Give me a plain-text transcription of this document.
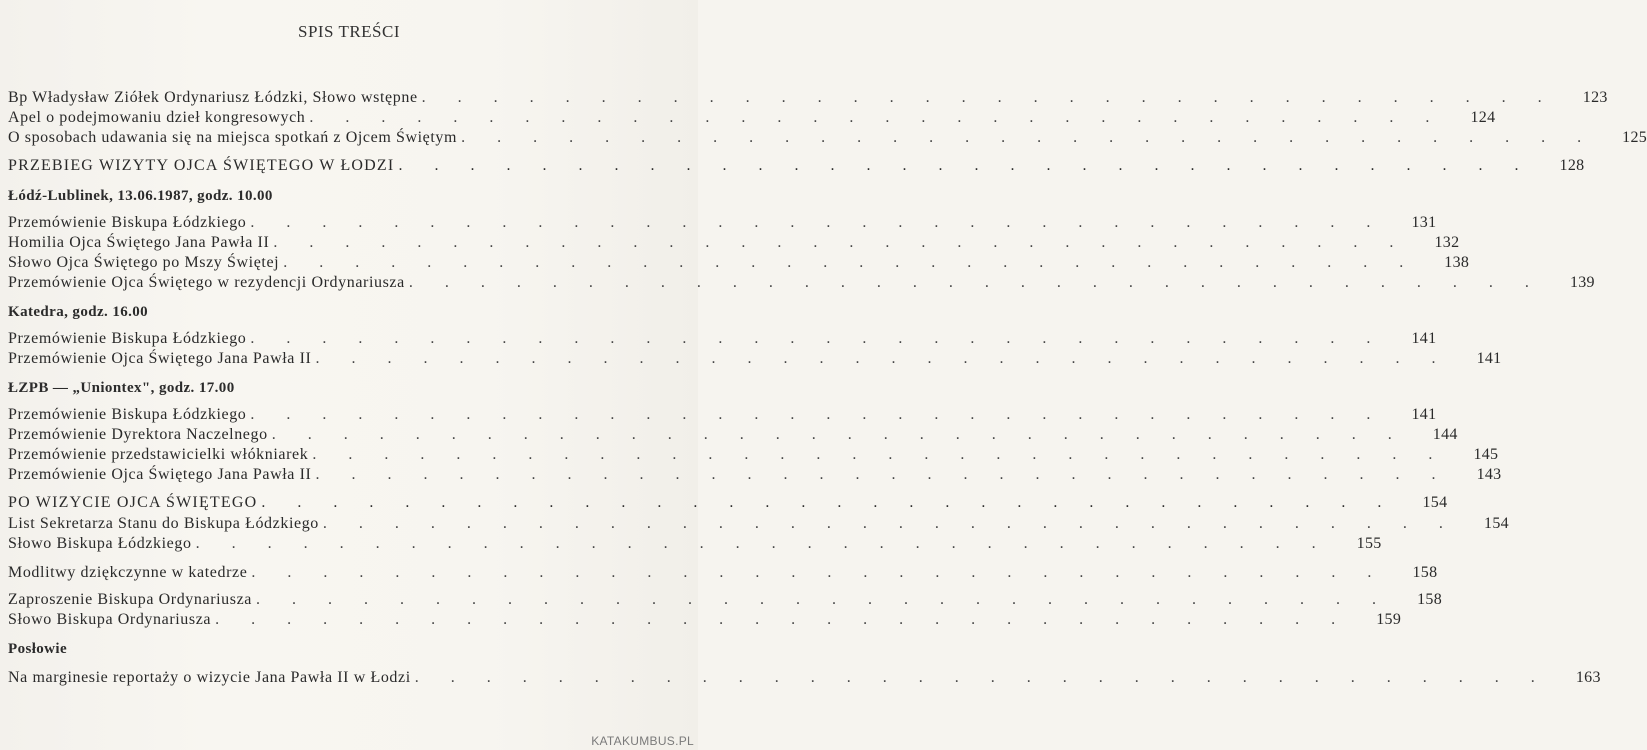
SPIS TREŚCI
Bp Władysław Ziółek Ordynariusz Łódzki, Słowo wstępne . . . . . . . . . . . . . . . . . . . . . . . . . . . . . . . .	123
Apel o podejmowaniu dzieł kongresowych . . . . . . . . . . . . . . . . . . . . . . . . . . . . . . . .	124
O sposobach udawania się na miejsca spotkań z Ojcem Świętym . . . . . . . . . . . . . . . . . . . . . . . . . . . . . . . .	125
PRZEBIEG WIZYTY OJCA ŚWIĘTEGO W ŁODZI . . . . . . . . . . . . . . . . . . . . . . . . . . . . . . . .	128
Łódź-Lublinek, 13.06.1987, godz. 10.00
Przemówienie Biskupa Łódzkiego . . . . . . . . . . . . . . . . . . . . . . . . . . . . . . . .	131
Homilia Ojca Świętego Jana Pawła II . . . . . . . . . . . . . . . . . . . . . . . . . . . . . . . .	132
Słowo Ojca Świętego po Mszy Świętej . . . . . . . . . . . . . . . . . . . . . . . . . . . . . . . .	138
Przemówienie Ojca Świętego w rezydencji Ordynariusza . . . . . . . . . . . . . . . . . . . . . . . . . . . . . . . .	139
Katedra, godz. 16.00
Przemówienie Biskupa Łódzkiego . . . . . . . . . . . . . . . . . . . . . . . . . . . . . . . .	141
Przemówienie Ojca Świętego Jana Pawła II . . . . . . . . . . . . . . . . . . . . . . . . . . . . . . . .	141
ŁZPB — „Uniontex", godz. 17.00
Przemówienie Biskupa Łódzkiego . . . . . . . . . . . . . . . . . . . . . . . . . . . . . . . .	141
Przemówienie Dyrektora Naczelnego . . . . . . . . . . . . . . . . . . . . . . . . . . . . . . . .	144
Przemówienie przedstawicielki włókniarek . . . . . . . . . . . . . . . . . . . . . . . . . . . . . . . .	145
Przemówienie Ojca Świętego Jana Pawła II . . . . . . . . . . . . . . . . . . . . . . . . . . . . . . . .	143
PO WIZYCIE OJCA ŚWIĘTEGO . . . . . . . . . . . . . . . . . . . . . . . . . . . . . . . .	154
List Sekretarza Stanu do Biskupa Łódzkiego . . . . . . . . . . . . . . . . . . . . . . . . . . . . . . . .	154
Słowo Biskupa Łódzkiego . . . . . . . . . . . . . . . . . . . . . . . . . . . . . . . .	155
Modlitwy dziękczynne w katedrze . . . . . . . . . . . . . . . . . . . . . . . . . . . . . . . .	158
Zaproszenie Biskupa Ordynariusza . . . . . . . . . . . . . . . . . . . . . . . . . . . . . . . .	158
Słowo Biskupa Ordynariusza . . . . . . . . . . . . . . . . . . . . . . . . . . . . . . . .	159
Posłowie
Na marginesie reportaży o wizycie Jana Pawła II w Łodzi . . . . . . . . . . . . . . . . . . . . . . . . . . . . . . . .	163
KATAKUMBUS.PL
